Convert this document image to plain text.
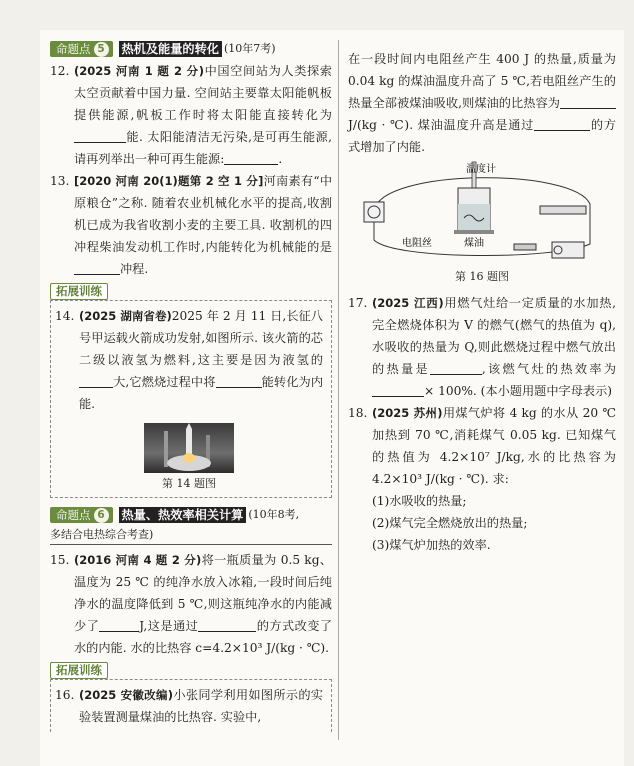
命题点 5	热机及能量的转化 (10年7考)
12. (2025 河南 1 题 2 分)中国空间站为人类探索太空贡献着中国力量. 空间站主要靠太阳能帆板提供能源,帆板工作时将太阳能直接转化为能. 太阳能清洁无污染,是可再生能源,请再列举出一种可再生能源:	.
13. [2020 河南 20(1)题第 2 空 1 分]河南素有“中原粮仓”之称. 随着农业机械化水平的提高,收割机已成为我省收割小麦的主要工具. 收割机的四冲程柴油发动机工作时,内能转化为机械能的是冲程.
拓展训练
14. (2025 湖南省卷)2025 年 2 月 11 日,长征八号甲运载火箭成功发射,如图所示. 该火箭的芯二级以液氢为燃料,这主要是因为液氢的大,它燃烧过程中将	能转化为内能.
第 14 题图
命题点 6	热量、热效率相关计算 (10年8考,
多结合电热综合考查)
15. (2016 河南 4 题 2 分)将一瓶质量为 0.5 kg、温度为 25 ℃ 的纯净水放入冰箱,一段时间后纯净水的温度降低到 5 ℃,则这瓶纯净水的内能减少了	J,这是通过	的方式改变了水的内能. 水的比热容 c=4.2×10³ J/(kg · ℃).
拓展训练
16. (2025 安徽改编)小张同学利用如图所示的实验装置测量煤油的比热容. 实验中,
在一段时间内电阻丝产生 400 J 的热量,质量为 0.04 kg 的煤油温度升高了 5 ℃,若电阻丝产生的热量全部被煤油吸收,则煤油的比热容为J/(kg · ℃). 煤油温度升高是通过	的方式增加了内能.
温度计
电阻丝	煤油
第 16 题图
17. (2025 江西)用燃气灶给一定质量的水加热,完全燃烧体积为 V 的燃气(燃气的热值为 q),水吸收的热量为 Q,则此燃烧过程中燃气放出的热量是	,该燃气灶的热效率为× 100%. (本小题用题中字母表示)
18. (2025 苏州)用煤气炉将 4 kg 的水从 20 ℃ 加热到 70 ℃,消耗煤气 0.05 kg. 已知煤气的热值为 4.2×10⁷ J/kg,水的比热容为 4.2×10³ J/(kg · ℃). 求:
(1)水吸收的热量;
(2)煤气完全燃烧放出的热量;
(3)煤气炉加热的效率.
